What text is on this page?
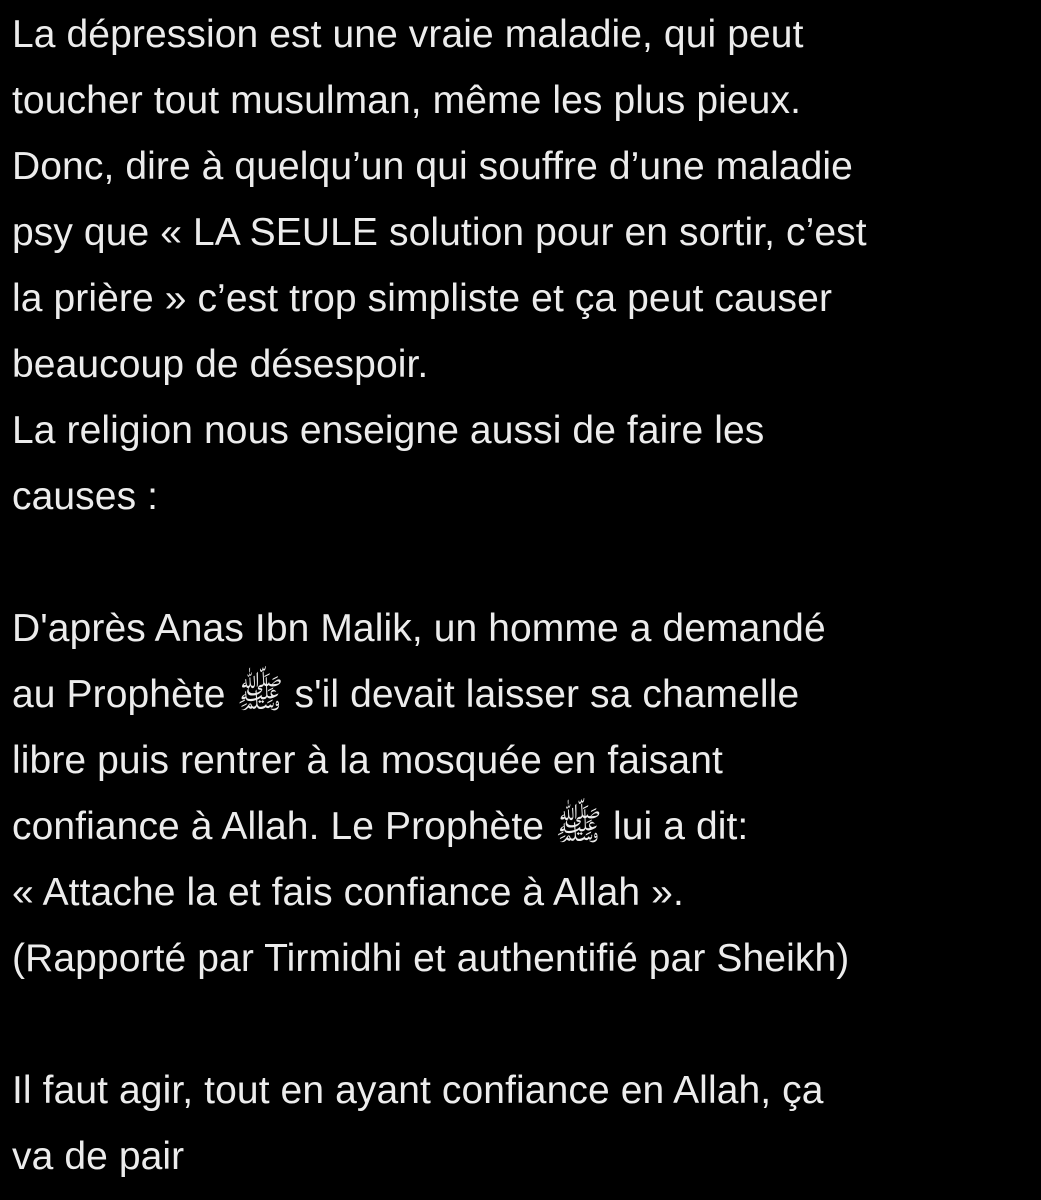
La dépression est une vraie maladie, qui peut
toucher tout musulman, même les plus pieux.
Donc, dire à quelqu’un qui souffre d’une maladie
psy que « LA SEULE solution pour en sortir, c’est
la prière » c’est trop simpliste et ça peut causer
beaucoup de désespoir.
La religion nous enseigne aussi de faire les
causes :
D'après Anas Ibn Malik, un homme a demandé
au Prophète ﷺ s'il devait laisser sa chamelle
libre puis rentrer à la mosquée en faisant
confiance à Allah. Le Prophète ﷺ lui a dit:
« Attache la et fais confiance à Allah ».
(Rapporté par Tirmidhi et authentifié par Sheikh)
Il faut agir, tout en ayant confiance en Allah, ça
va de pair
